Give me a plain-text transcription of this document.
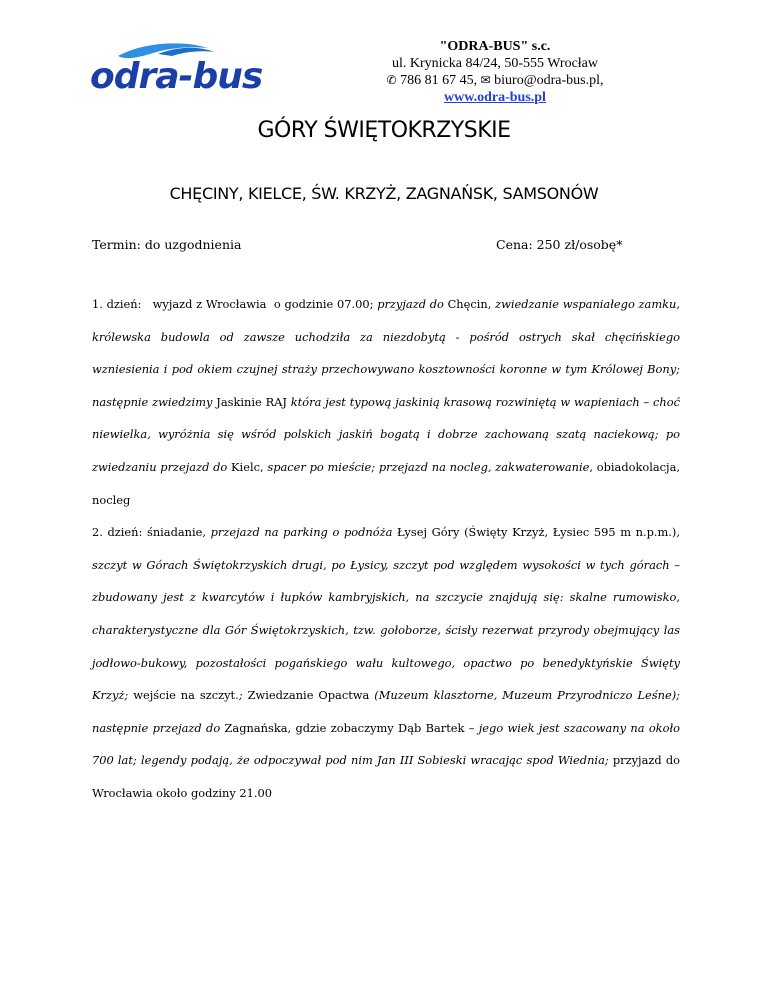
odra-bus
"ODRA-BUS" s.c.
ul. Krynicka 84/24, 50-555 Wrocław
✆ 786 81 67 45, ✉ biuro@odra-bus.pl,
www.odra-bus.pl
GÓRY ŚWIĘTOKRZYSKIE
CHĘCINY, KIELCE, ŚW. KRZYŻ, ZAGNAŃSK, SAMSONÓW
Termin: do uzgodnienia	Cena: 250 zł/osobę*

1. dzień: wyjazd z Wrocławia o godzinie 07.00; przyjazd do Chęcin, zwiedzanie wspaniałego zamku, królewska budowla od zawsze uchodziła za niezdobytą - pośród ostrych skał chęcińskiego wzniesienia i pod okiem czujnej straży przechowywano kosztowności koronne w tym Królowej Bony; następnie zwiedzimy Jaskinie RAJ która jest typową jaskinią krasową rozwiniętą w wapieniach – choć niewielka, wyróżnia się wśród polskich jaskiń bogatą i dobrze zachowaną szatą naciekową; po zwiedzaniu przejazd do Kielc, spacer po mieście; przejazd na nocleg, zakwaterowanie, obiadokolacja, nocleg

2. dzień: śniadanie, przejazd na parking o podnóża Łysej Góry (Święty Krzyż, Łysiec 595 m n.p.m.), szczyt w Górach Świętokrzyskich drugi, po Łysicy, szczyt pod względem wysokości w tych górach – zbudowany jest z kwarcytów i łupków kambryjskich, na szczycie znajdują się: skalne rumowisko, charakterystyczne dla Gór Świętokrzyskich, tzw. gołoborze, ścisły rezerwat przyrody obejmujący las jodłowo-bukowy, pozostałości pogańskiego wału kultowego, opactwo po benedyktyńskie Święty Krzyż; wejście na szczyt.; Zwiedzanie Opactwa (Muzeum klasztorne, Muzeum Przyrodniczo Leśne); następnie przejazd do Zagnańska, gdzie zobaczymy Dąb Bartek – jego wiek jest szacowany na około 700 lat; legendy podają, że odpoczywał pod nim Jan III Sobieski wracając spod Wiednia; przyjazd do Wrocławia około godziny 21.00
